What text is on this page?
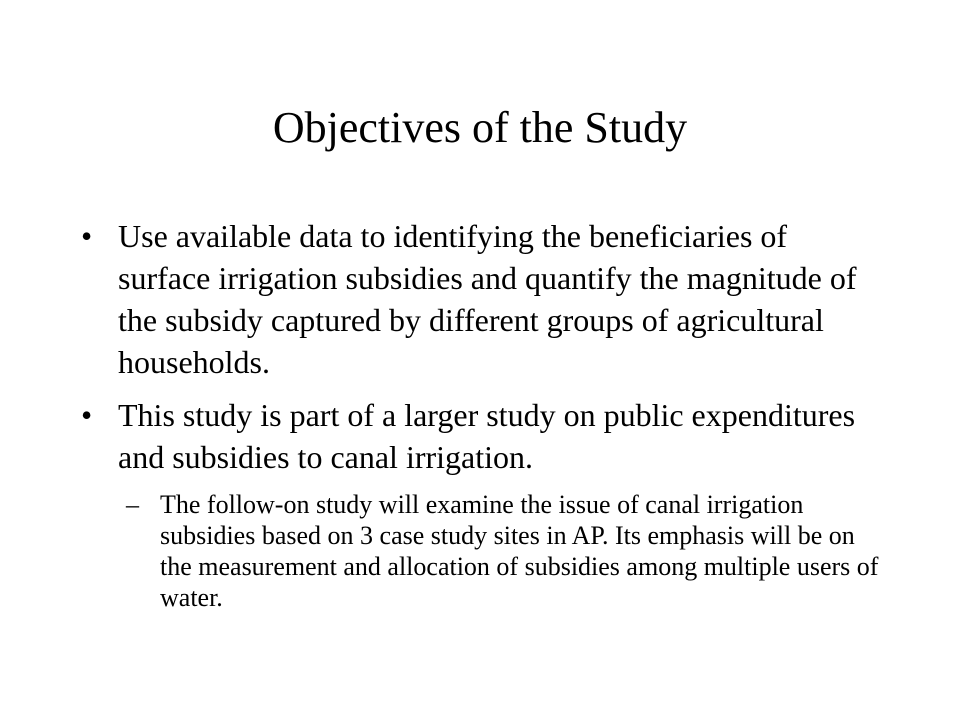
Objectives of the Study
• Use available data to identifying the beneficiaries of surface irrigation subsidies and quantify the magnitude of the subsidy captured by different groups of agricultural households.
• This study is part of a larger study on public expenditures and subsidies to canal irrigation.
– The follow-on study will examine the issue of canal irrigation subsidies based on 3 case study sites in AP. Its emphasis will be on the measurement and allocation of subsidies among multiple users of water.
